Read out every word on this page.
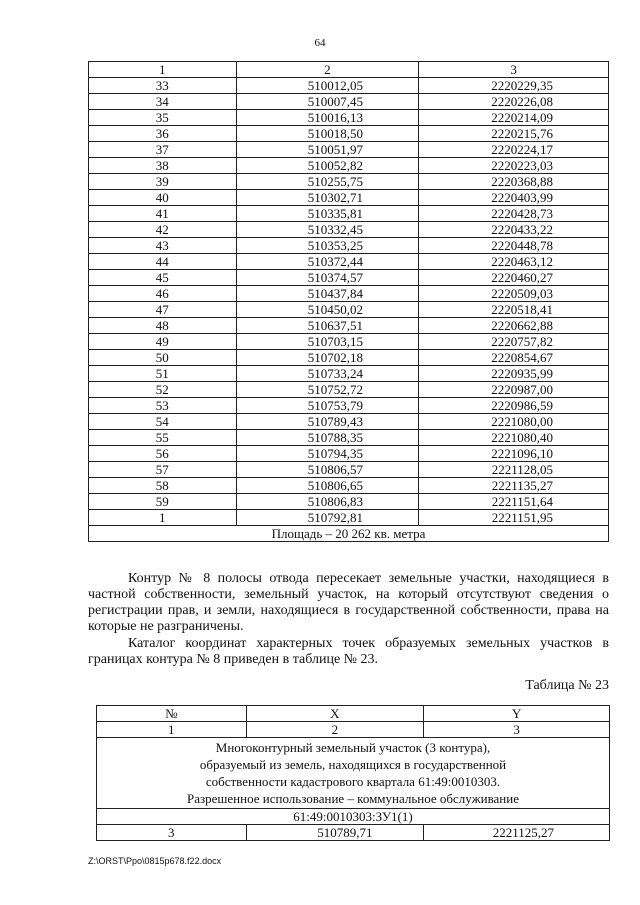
64
1	2	3
33	510012,05	2220229,35
34	510007,45	2220226,08
35	510016,13	2220214,09
36	510018,50	2220215,76
37	510051,97	2220224,17
38	510052,82	2220223,03
39	510255,75	2220368,88
40	510302,71	2220403,99
41	510335,81	2220428,73
42	510332,45	2220433,22
43	510353,25	2220448,78
44	510372,44	2220463,12
45	510374,57	2220460,27
46	510437,84	2220509,03
47	510450,02	2220518,41
48	510637,51	2220662,88
49	510703,15	2220757,82
50	510702,18	2220854,67
51	510733,24	2220935,99
52	510752,72	2220987,00
53	510753,79	2220986,59
54	510789,43	2221080,00
55	510788,35	2221080,40
56	510794,35	2221096,10
57	510806,57	2221128,05
58	510806,65	2221135,27
59	510806,83	2221151,64
1	510792,81	2221151,95
Площадь – 20 262 кв. метра		

Контур № 8 полосы отвода пересекает земельные участки, находящиеся в частной собственности, земельный участок, на который отсутствуют сведения о регистрации прав, и земли, находящиеся в государственной собственности, права на которые не разграничены.

Каталог координат характерных точек образуемых земельных участков в границах контура № 8 приведен в таблице № 23.

Таблица № 23
№	X	Y
1	2	3

Многоконтурный земельный участок (3 контура),
образуемый из земель, находящихся в государственной
собственности кадастрового квартала 61:49:0010303.
Разрешенное использование – коммунальное обслуживание		

61:49:0010303:ЗУ1(1)		
3	510789,71	2221125,27
Z:\ORST\Ppo\0815p678.f22.docx
